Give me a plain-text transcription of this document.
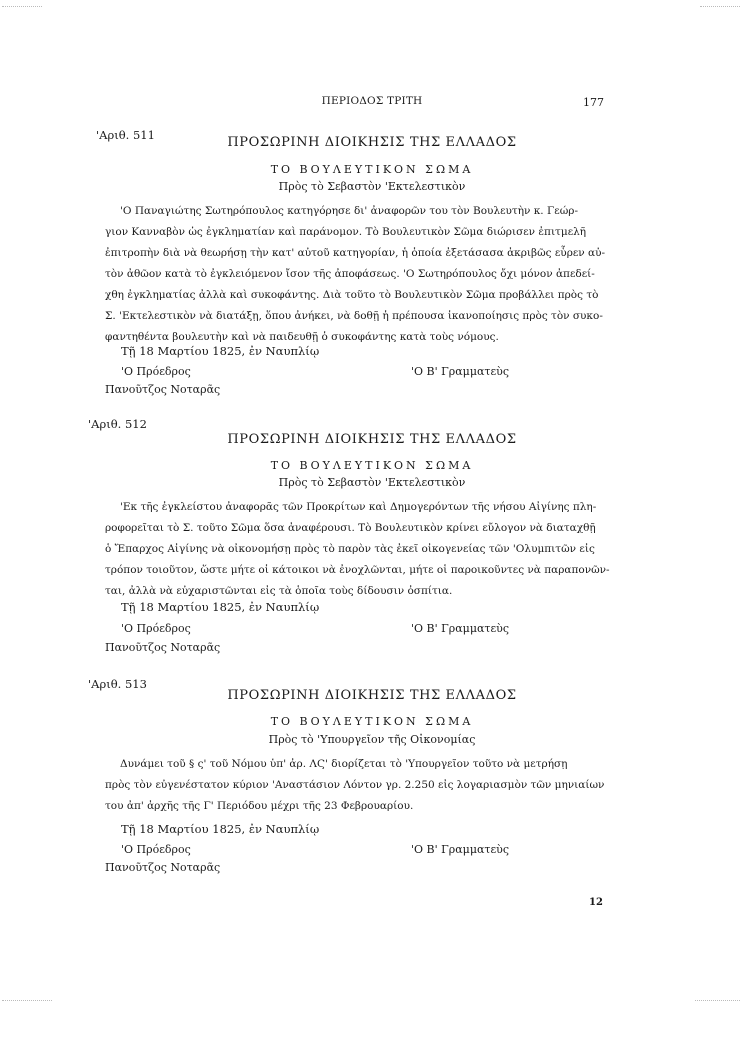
ΠΕΡΙΟΔΟΣ ΤΡΙΤΗ	177
'Αριθ. 511	ΠΡΟΣΩΡΙΝΗ ΔΙΟΙΚΗΣΙΣ ΤΗΣ ΕΛΛΑΔΟΣ
ΤΟ ΒΟΥΛΕΥΤΙΚΟΝ ΣΩΜΑ
Πρὸς τὸ Σεβαστὸν 'Εκτελεστικὸν
'Ο Παναγιώτης Σωτηρόπουλος κατηγόρησε δι' ἀναφορῶν του τὸν Βουλευτὴν κ. Γεώρ-
γιον Κανναβὸν ὡς ἐγκληματίαν καὶ παράνομον. Τὸ Βουλευτικὸν Σῶμα διώρισεν ἐπιτμελῆ
ἐπιτροπὴν διὰ νὰ θεωρήσῃ τὴν κατ' αὐτοῦ κατηγορίαν, ἡ ὁποία ἐξετάσασα ἀκριβῶς εὗρεν αὐ-
τὸν ἀθῶον κατὰ τὸ ἐγκλειόμενον ἴσον τῆς ἀποφάσεως. 'Ο Σωτηρόπουλος ὄχι μόνον ἀπεδεί-
χθη ἐγκληματίας ἀλλὰ καὶ συκοφάντης. Διὰ τοῦτο τὸ Βουλευτικὸν Σῶμα προβάλλει πρὸς τὸ
Σ. 'Εκτελεστικὸν νὰ διατάξῃ, ὅπου ἀνήκει, νὰ δοθῇ ἡ πρέπουσα ἱκανοποίησις πρὸς τὸν συκο-
φαντηθέντα βουλευτὴν καὶ νὰ παιδευθῇ ὁ συκοφάντης κατὰ τοὺς νόμους.
Τῇ 18 Μαρτίου 1825, ἐν Ναυπλίῳ
'Ο Πρόεδρος	'Ο Β' Γραμματεὺς
Πανοῦτζος Νοταρᾶς
'Αριθ. 512
ΠΡΟΣΩΡΙΝΗ ΔΙΟΙΚΗΣΙΣ ΤΗΣ ΕΛΛΑΔΟΣ
ΤΟ ΒΟΥΛΕΥΤΙΚΟΝ ΣΩΜΑ
Πρὸς τὸ Σεβαστὸν 'Εκτελεστικὸν
'Εκ τῆς ἐγκλείστου ἀναφορᾶς τῶν Προκρίτων καὶ Δημογερόντων τῆς νήσου Αἰγίνης πλη-
ροφορεῖται τὸ Σ. τοῦτο Σῶμα ὅσα ἀναφέρουσι. Τὸ Βουλευτικὸν κρίνει εὔλογον νὰ διαταχθῇ
ὁ Ἔπαρχος Αἰγίνης νὰ οἰκονομήσῃ πρὸς τὸ παρὸν τὰς ἐκεῖ οἰκογενείας τῶν 'Ολυμπιτῶν εἰς
τρόπον τοιοῦτον, ὥστε μήτε οἱ κάτοικοι νὰ ἐνοχλῶνται, μήτε οἱ παροικοῦντες νὰ παραπονῶν-
ται, ἀλλὰ νὰ εὐχαριστῶνται εἰς τὰ ὁποῖα τοὺς δίδουσιν ὀσπίτια.
Τῇ 18 Μαρτίου 1825, ἐν Ναυπλίῳ
'Ο Πρόεδρος	'Ο Β' Γραμματεὺς
Πανοῦτζος Νοταρᾶς
'Αριθ. 513
ΠΡΟΣΩΡΙΝΗ ΔΙΟΙΚΗΣΙΣ ΤΗΣ ΕΛΛΑΔΟΣ
ΤΟ ΒΟΥΛΕΥΤΙΚΟΝ ΣΩΜΑ
Πρὸς τὸ 'Υπουργεῖον τῆς Οἰκονομίας
Δυνάμει τοῦ § ς' τοῦ Νόμου ὑπ' ἀρ. ΛϚ' διορίζεται τὸ 'Υπουργεῖον τοῦτο νὰ μετρήσῃ
πρὸς τὸν εὐγενέστατον κύριον 'Αναστάσιον Λόντον γρ. 2.250 εἰς λογαριασμὸν τῶν μηνιαίων
του ἀπ' ἀρχῆς τῆς Γ' Περιόδου μέχρι τῆς 23 Φεβρουαρίου.
Τῇ 18 Μαρτίου 1825, ἐν Ναυπλίῳ
'Ο Πρόεδρος	'Ο Β' Γραμματεὺς
Πανοῦτζος Νοταρᾶς
12
